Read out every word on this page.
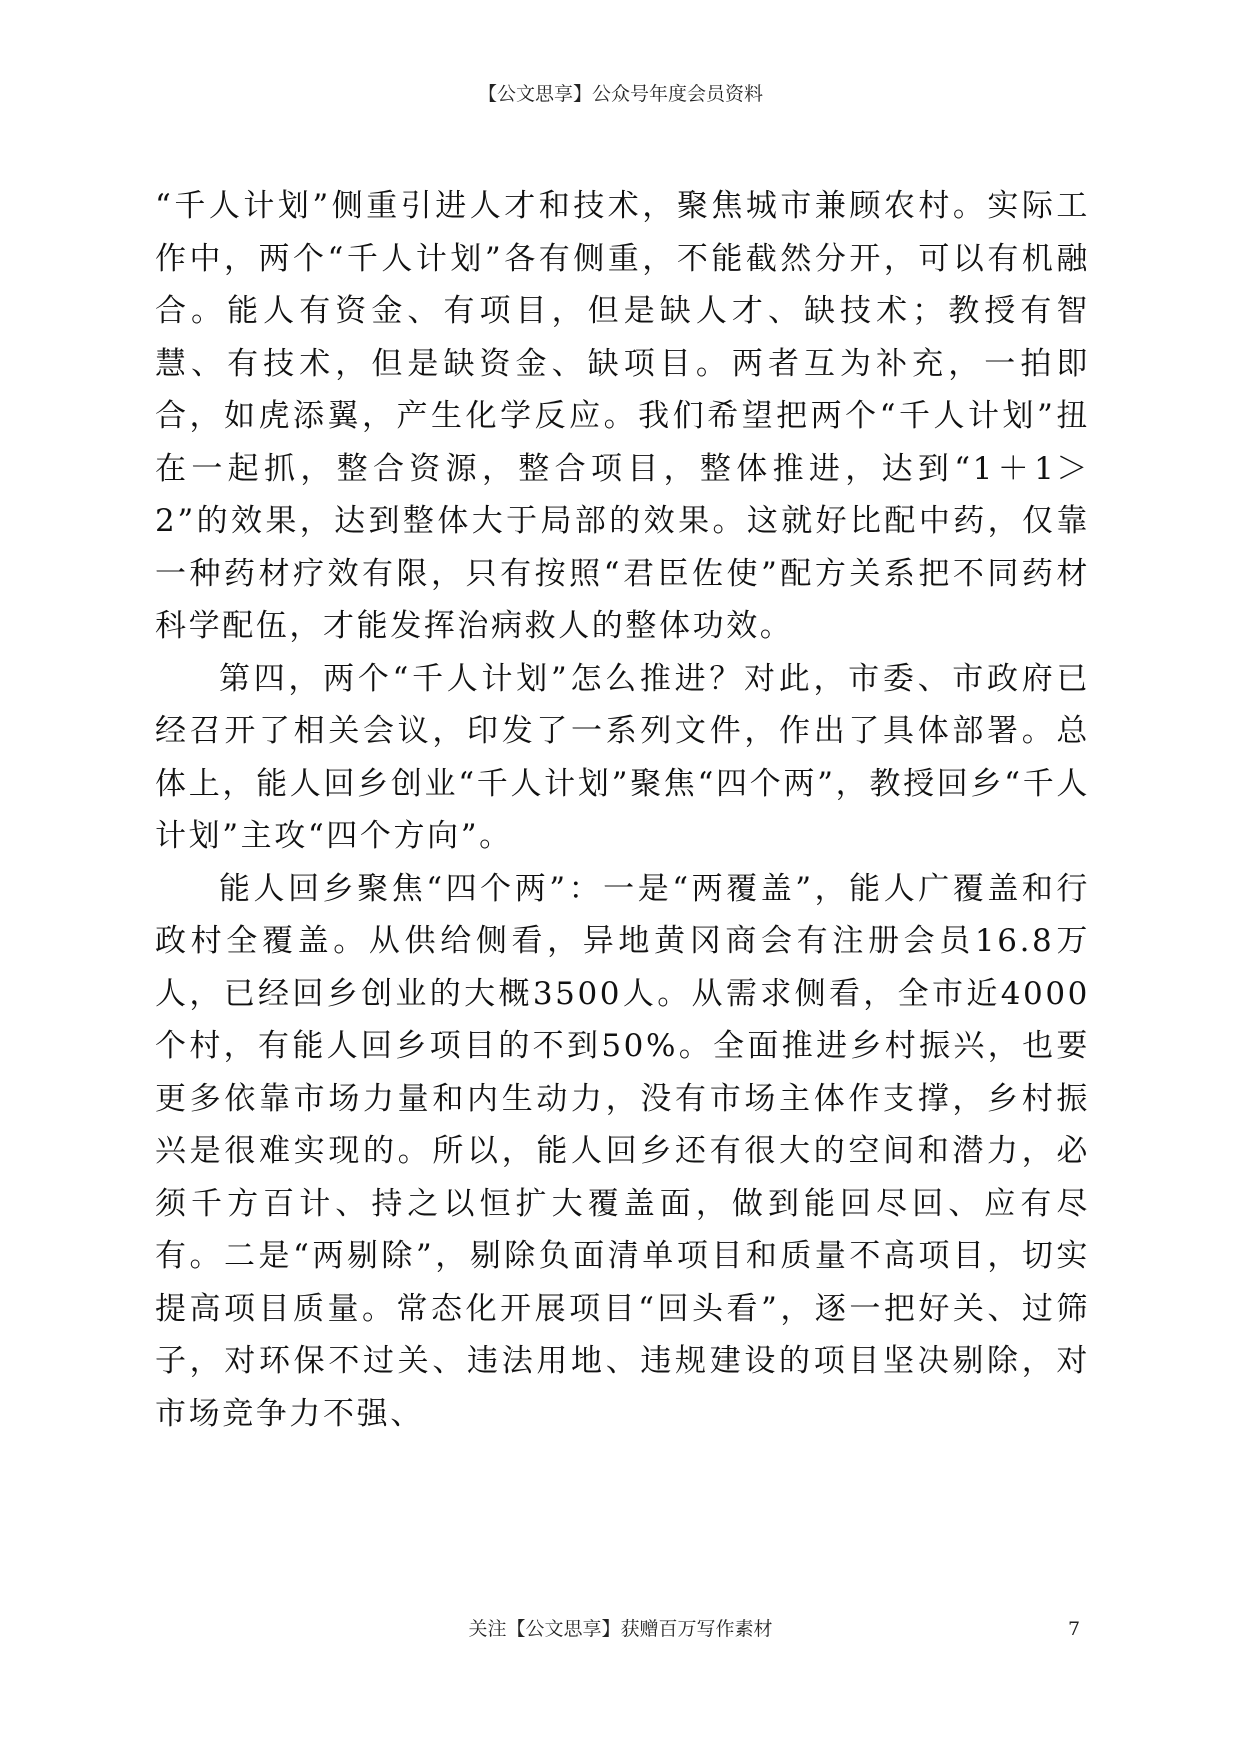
【公文思享】公众号年度会员资料

“千人计划”侧重引进人才和技术，聚焦城市兼顾农村。实际工作中，两个“千人计划”各有侧重，不能截然分开，可以有机融合。能人有资金、有项目，但是缺人才、缺技术；教授有智慧、有技术，但是缺资金、缺项目。两者互为补充，一拍即合，如虎添翼，产生化学反应。我们希望把两个“千人计划”扭在一起抓，整合资源，整合项目，整体推进，达到“1＋1＞2”的效果，达到整体大于局部的效果。这就好比配中药，仅靠一种药材疗效有限，只有按照“君臣佐使”配方关系把不同药材科学配伍，才能发挥治病救人的整体功效。

第四，两个“千人计划”怎么推进？对此，市委、市政府已经召开了相关会议，印发了一系列文件，作出了具体部署。总体上，能人回乡创业“千人计划”聚焦“四个两”，教授回乡“千人计划”主攻“四个方向”。

能人回乡聚焦“四个两”：一是“两覆盖”，能人广覆盖和行政村全覆盖。从供给侧看，异地黄冈商会有注册会员16.8万人，已经回乡创业的大概3500人。从需求侧看，全市近4000个村，有能人回乡项目的不到50%。全面推进乡村振兴，也要更多依靠市场力量和内生动力，没有市场主体作支撑，乡村振兴是很难实现的。所以，能人回乡还有很大的空间和潜力，必须千方百计、持之以恒扩大覆盖面，做到能回尽回、应有尽有。二是“两剔除”，剔除负面清单项目和质量不高项目，切实提高项目质量。常态化开展项目“回头看”，逐一把好关、过筛子，对环保不过关、违法用地、违规建设的项目坚决剔除，对市场竞争力不强、

关注【公文思享】获赠百万写作素材	7
